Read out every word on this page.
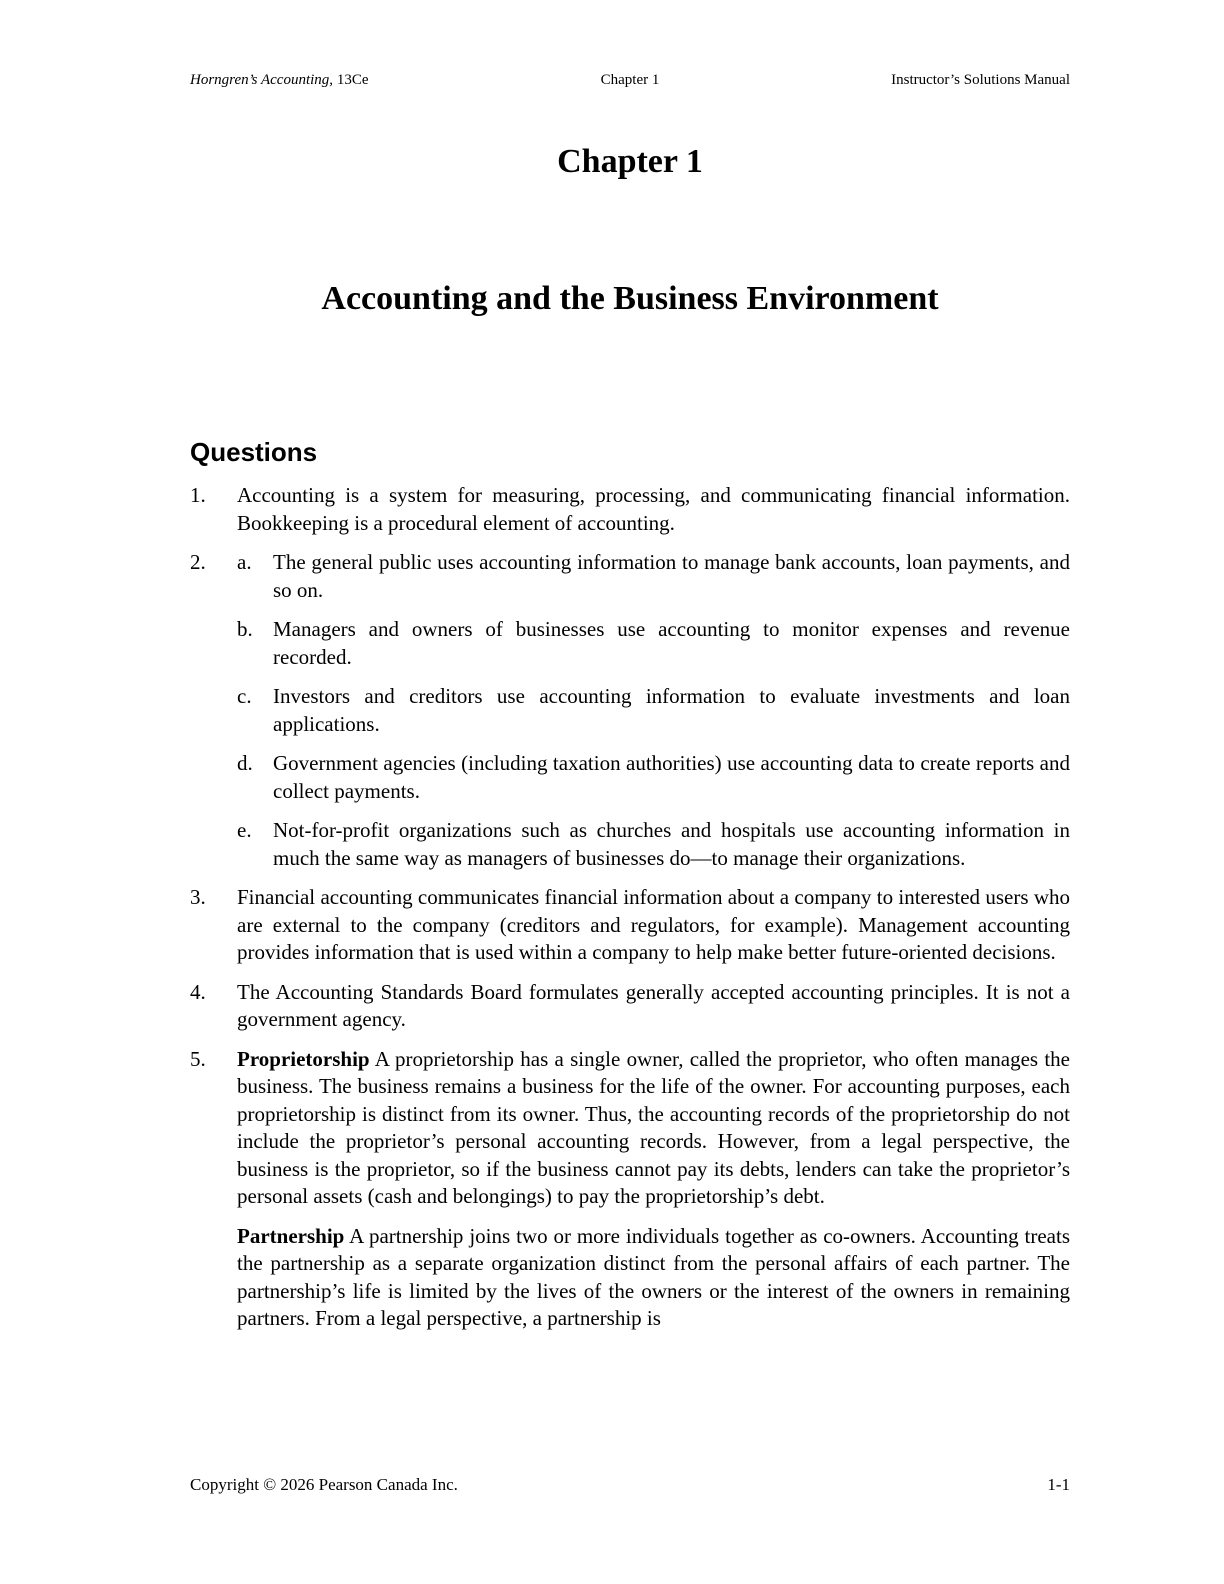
Horngren’s Accounting, 13Ce	Chapter 1	Instructor’s Solutions Manual
Chapter 1
Accounting and the Business Environment
Questions
1. Accounting is a system for measuring, processing, and communicating financial information. Bookkeeping is a procedural element of accounting.
2. a. The general public uses accounting information to manage bank accounts, loan payments, and so on.
b. Managers and owners of businesses use accounting to monitor expenses and revenue recorded.
c. Investors and creditors use accounting information to evaluate investments and loan applications.
d. Government agencies (including taxation authorities) use accounting data to create reports and collect payments.
e. Not-for-profit organizations such as churches and hospitals use accounting information in much the same way as managers of businesses do—to manage their organizations.
3. Financial accounting communicates financial information about a company to interested users who are external to the company (creditors and regulators, for example). Management accounting provides information that is used within a company to help make better future-oriented decisions.
4. The Accounting Standards Board formulates generally accepted accounting principles. It is not a government agency.
5. Proprietorship A proprietorship has a single owner, called the proprietor, who often manages the business. The business remains a business for the life of the owner. For accounting purposes, each proprietorship is distinct from its owner. Thus, the accounting records of the proprietorship do not include the proprietor’s personal accounting records. However, from a legal perspective, the business is the proprietor, so if the business cannot pay its debts, lenders can take the proprietor’s personal assets (cash and belongings) to pay the proprietorship’s debt.
Partnership A partnership joins two or more individuals together as co-owners. Accounting treats the partnership as a separate organization distinct from the personal affairs of each partner. The partnership’s life is limited by the lives of the owners or the interest of the owners in remaining partners. From a legal perspective, a partnership is
Copyright © 2026 Pearson Canada Inc.	1-1
